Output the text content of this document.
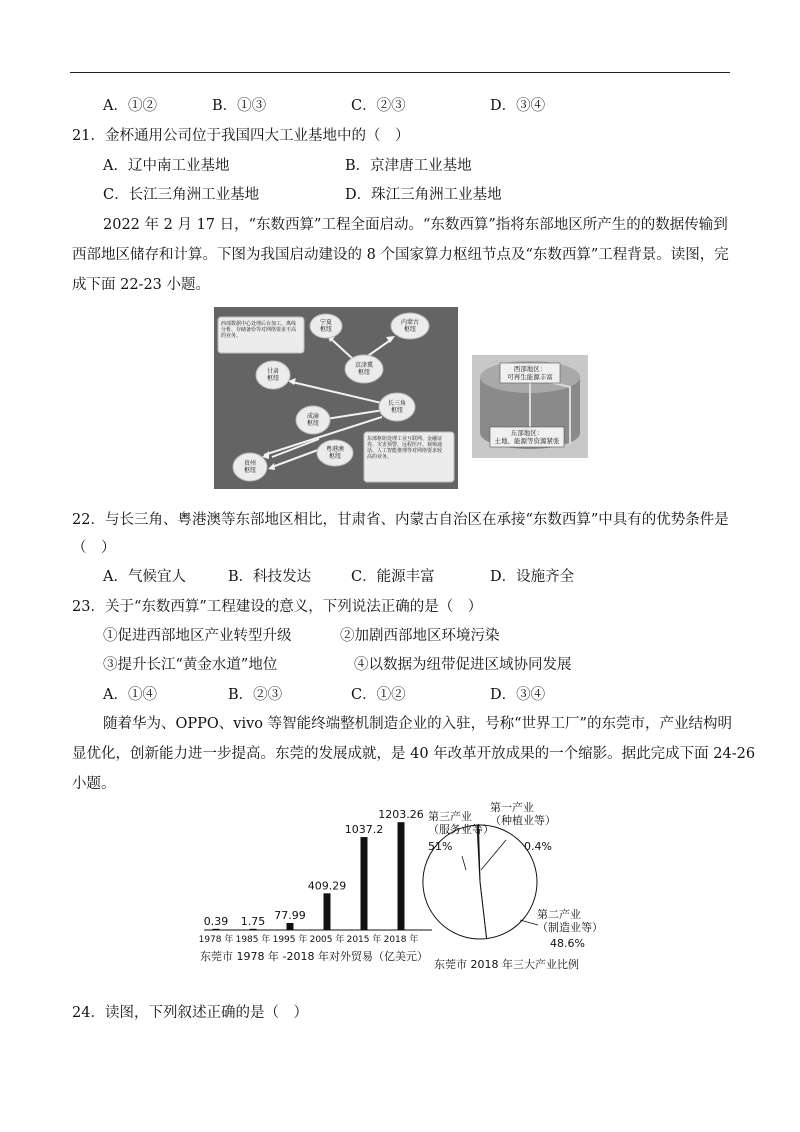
A．①②	B．①③	C．②③	D．③④
21．金杯通用公司位于我国四大工业基地中的（　）
A．辽中南工业基地	B．京津唐工业基地
C．长江三角洲工业基地	D．珠江三角洲工业基地
2022 年 2 月 17 日，“东数西算”工程全面启动。“东数西算”指将东部地区所产生的的数据传输到
西部地区储存和计算。下图为我国启动建设的 8 个国家算力枢纽节点及“东数西算”工程背景。读图，完
成下面 22-23 小题。
宁夏枢纽
内蒙古枢纽
京津冀枢纽
甘肃枢纽
长三角枢纽
成渝枢纽
粤港澳枢纽
贵州枢纽
西部数据中心处理后台加工、离线分析、存储备份等对网络要求不高的业务。
东部枢纽处理工业互联网、金融证券、灾害预警、远程医疗、视频通话、人工智能推理等对网络要求较高的业务。
西部地区：可再生能源丰富
东部地区：土地、能源等资源紧张
22．与长三角、粤港澳等东部地区相比，甘肃省、内蒙古自治区在承接“东数西算”中具有的优势条件是
（　）
A．气候宜人	B．科技发达	C．能源丰富	D．设施齐全
23．关于“东数西算”工程建设的意义，下列说法正确的是（　）
①促进西部地区产业转型升级	②加剧西部地区环境污染
③提升长江“黄金水道”地位	④以数据为纽带促进区域协同发展
A．①④	B．②③	C．①②	D．③④
随着华为、OPPO、vivo 等智能终端整机制造企业的入驻，号称“世界工厂”的东莞市，产业结构明
显优化，创新能力进一步提高。东莞的发展成就，是 40 年改革开放成果的一个缩影。据此完成下面 24-26
小题。
0.39
1978 年
1.75
1985 年
77.99
1995 年
409.29
2005 年
1037.2
2015 年
1203.26
2018 年
东莞市 1978 年 -2018 年对外贸易（亿美元）
第三产业（服务业等）
51%
第一产业（种植业等）
0.4%
第二产业（制造业等）
48.6%
东莞市 2018 年三大产业比例
24．读图，下列叙述正确的是（　）
